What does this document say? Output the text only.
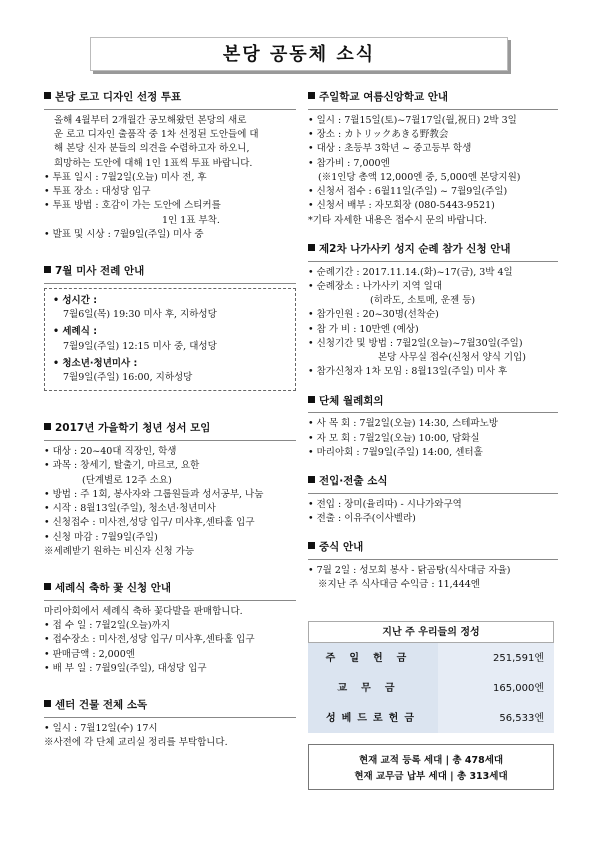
본당 공동체 소식
본당 로고 디자인 선정 투표
올해 4월부터 2개월간 공모해왔던 본당의 새로
운 로고 디자인 출품작 중 1차 선정된 도안들에 대
해 본당 신자 분들의 의견을 수렴하고자 하오니,
희망하는 도안에 대해 1인 1표씩 투표 바랍니다.
• 투표 일시 : 7월2일(오늘) 미사 전, 후
• 투표 장소 : 대성당 입구
• 투표 방법 : 호감이 가는 도안에 스티커를
1인 1표 부착.
• 발표 및 시상 : 7월9일(주일) 미사 중
7월 미사 전례 안내
• 성시간 :
7월6일(목) 19:30 미사 후, 지하성당
• 세례식 :
7월9일(주일) 12:15 미사 중, 대성당
• 청소년·청년미사 :
7월9일(주일) 16:00, 지하성당
2017년 가을학기 청년 성서 모임
• 대상 : 20~40대 직장인, 학생
• 과목 : 창세기, 탈출기, 마르코, 요한
(단계별로 12주 소요)
• 방법 : 주 1회, 봉사자와 그룹원들과 성서공부, 나눔
• 시작 : 8월13일(주일), 청소년·청년미사
• 신청접수 : 미사전,성당 입구/ 미사후,센타홀 입구
• 신청 마감 : 7월9일(주일)
※세례받기 원하는 비신자 신청 가능
세례식 축하 꽃 신청 안내
마리아회에서 세례식 축하 꽃다발을 판매합니다.
• 접 수 일 : 7월2일(오늘)까지
• 접수장소 : 미사전,성당 입구/ 미사후,센타홀 입구
• 판매금액 : 2,000엔
• 배 부 일 : 7월9일(주일), 대성당 입구
센터 건물 전체 소독
• 일시 : 7월12일(수) 17시
※사전에 각 단체 교리실 정리를 부탁합니다.
주일학교 여름신앙학교 안내
• 일시 : 7월15일(토)~7월17일(월,祝日) 2박 3일
• 장소 : カトリックあきる野教会
• 대상 : 초등부 3학년 ~ 중고등부 학생
• 참가비 : 7,000엔
(※1인당 총액 12,000엔 중, 5,000엔 본당지원)
• 신청서 접수 : 6월11일(주일) ~ 7월9일(주일)
• 신청서 배부 : 자모회장 (080-5443-9521)
*기타 자세한 내용은 접수시 문의 바랍니다.
제2차 나가사키 성지 순례 참가 신청 안내
• 순례기간 : 2017.11.14.(화)~17(금), 3박 4일
• 순례장소 : 나가사키 지역 일대
(히라도, 소토메, 운젠 등)
• 참가인원 : 20~30명(선착순)
• 참 가 비 : 10만엔 (예상)
• 신청기간 및 방법 : 7월2일(오늘)~7월30일(주일)
본당 사무실 접수(신청서 양식 기입)
• 참가신청자 1차 모임 : 8월13일(주일) 미사 후
단체 월례회의
• 사 목 회 : 7월2일(오늘) 14:30, 스테파노방
• 자 모 회 : 7월2일(오늘) 10:00, 담화실
• 마리아회 : 7월9일(주일) 14:00, 센터홀
전입·전출 소식
• 전입 : 장미(율리따) - 시나가와구역
• 전출 : 이유주(이사벨라)
중식 안내
• 7월 2일 : 성모회 봉사 - 닭곰탕(식사대금 자율)
※지난 주 식사대금 수익금 : 11,444엔
지난 주 우리들의 정성
주일헌금	251,591엔
교무금	165,000엔
성베드로헌금	56,533엔
현재 교적 등록 세대 | 총 478세대
현재 교무금 납부 세대 | 총 313세대
